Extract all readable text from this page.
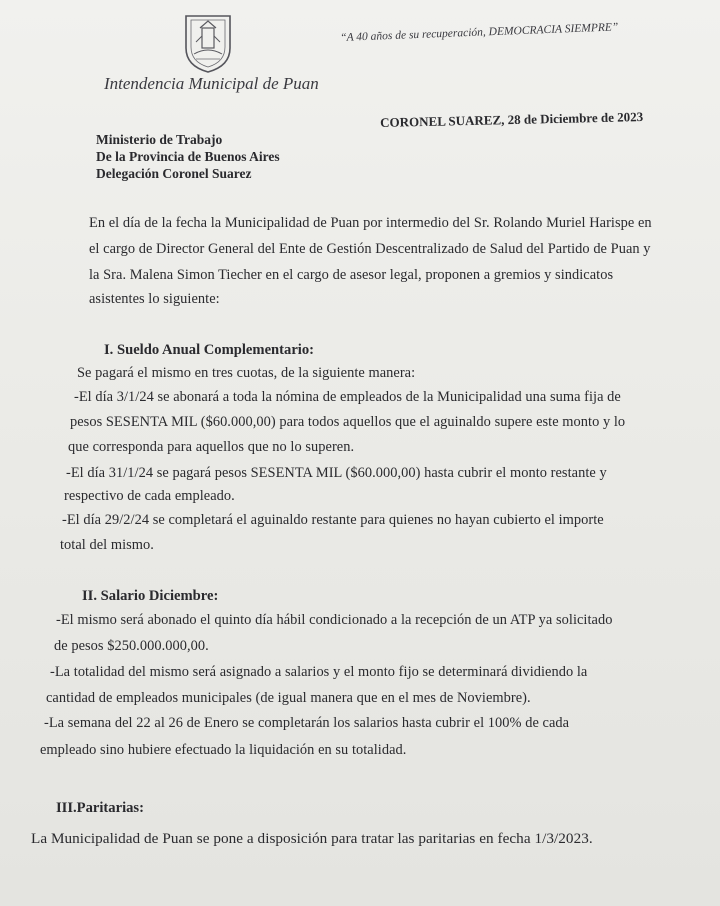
Intendencia Municipal de Puan
“A 40 años de su recuperación, DEMOCRACIA SIEMPRE”
CORONEL SUAREZ, 28 de Diciembre de 2023
Ministerio de Trabajo
De la Provincia de Buenos Aires
Delegación Coronel Suarez
En el día de la fecha la Municipalidad de Puan por intermedio del Sr. Rolando Muriel Harispe en
el cargo de Director General del Ente de Gestión Descentralizado de Salud del Partido de Puan y
la Sra. Malena Simon Tiecher en el cargo de asesor legal, proponen a gremios y sindicatos
asistentes lo siguiente:
I. Sueldo Anual Complementario:
Se pagará el mismo en tres cuotas, de la siguiente manera:
-El día 3/1/24 se abonará a toda la nómina de empleados de la Municipalidad una suma fija de
pesos SESENTA MIL ($60.000,00) para todos aquellos que el aguinaldo supere este monto y lo
que corresponda para aquellos que no lo superen.
-El día 31/1/24 se pagará pesos SESENTA MIL ($60.000,00) hasta cubrir el monto restante y
respectivo de cada empleado.
-El día 29/2/24 se completará el aguinaldo restante para quienes no hayan cubierto el importe
total del mismo.
II. Salario Diciembre:
-El mismo será abonado el quinto día hábil condicionado a la recepción de un ATP ya solicitado
de pesos $250.000.000,00.
-La totalidad del mismo será asignado a salarios y el monto fijo se determinará dividiendo la
cantidad de empleados municipales (de igual manera que en el mes de Noviembre).
-La semana del 22 al 26 de Enero se completarán los salarios hasta cubrir el 100% de cada
empleado sino hubiere efectuado la liquidación en su totalidad.
III.Paritarias:
La Municipalidad de Puan se pone a disposición para tratar las paritarias en fecha 1/3/2023.
